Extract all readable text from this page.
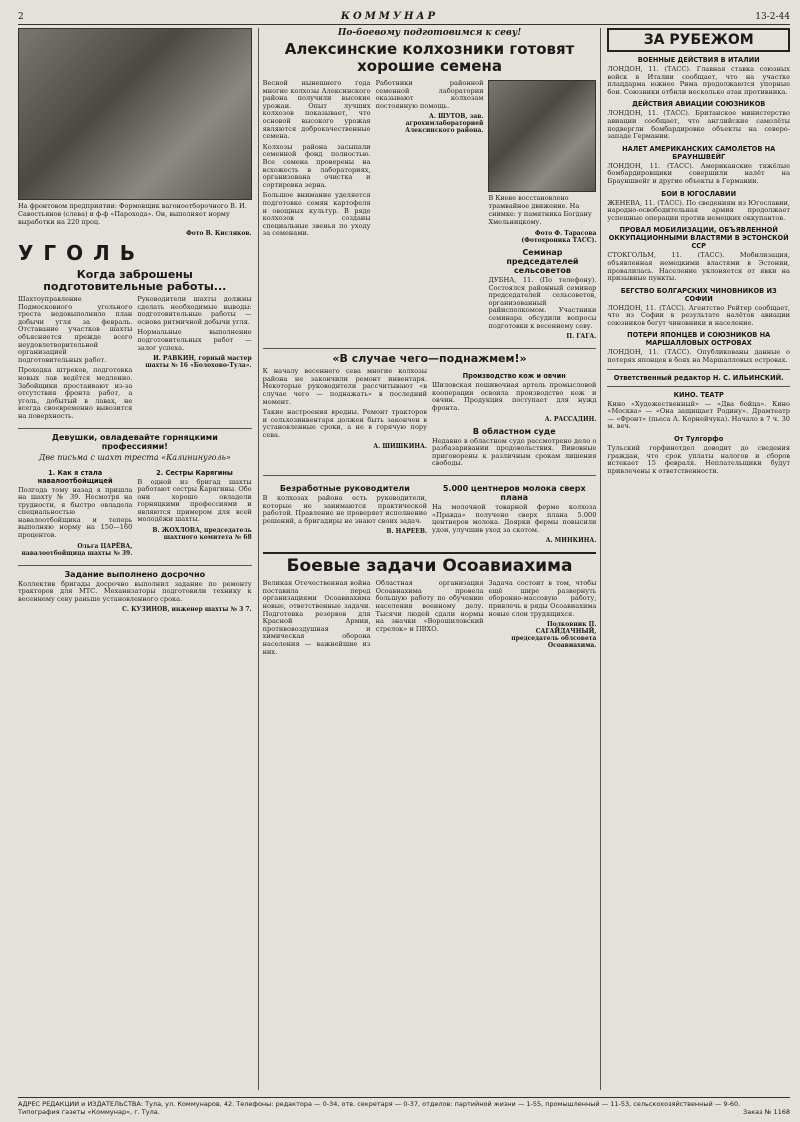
2	КОММУНАР	13-2-44

На фронтовом предприятии: Формовщик вагоноотборочного В. И. Савостьянов (слева) и ф-ф «Парохода». Он, выполняет норму выработки на 220 проц.

Фото В. Кисляков.

УГОЛЬ
Когда заброшены подготовительные работы...

Шахтоуправление Подмосковного угольного треста недовыполнило план добычи угля за февраль. Отставание участков шахты объясняется прежде всего неудовлетворительной организацией подготовительных работ.

Проходка штреков, подготовка новых лав ведётся медленно. Забойщики простаивают из-за отсутствия фронта работ, а уголь, добытый в лавах, не всегда своевременно вывозится на поверхность.

Руководители шахты должны сделать необходимые выводы: подготовительные работы — основа ритмичной добычи угля.

Нормальные выполнение подготовительных работ — залог успеха.

И. РАВКИН, горный мастер шахты № 16 «Болохово-Тула».

Девушки, овладевайте горняцкими профессиями!
Две письма с шахт треста «Калининуголь»
1. Как я стала навалоотбойщицей

Полгода тому назад я пришла на шахту № 39. Несмотря на трудности, я быстро овладела специальностью навалоотбойщика и теперь выполняю норму на 150—160 процентов.

Ольга ЦАРЁВА, навалоотбойщица шахты № 39.

2. Сестры Карягины

В одной из бригад шахты работают сестры Карягины. Обе они хорошо овладели горняцкими профессиями и являются примером для всей молодёжи шахты.

В. ЖОХЛОВА, председатель шахтного комитета № 68

Задание выполнено досрочно

Коллектив бригады досрочно выполнил задание по ремонту тракторов для МТС. Механизаторы подготовили технику к весеннему севу раньше установленного срока.

С. КУЗИНОВ, инженер шахты № 3 7.

По-боевому подготовимся к севу!
Алексинские колхозники готовят хорошие семена

Весной нынешнего года многие колхозы Алексинского района получили высокие урожаи. Опыт лучших колхозов показывает, что основой высокого урожая являются доброкачественные семена.

Колхозы района засыпали семенной фонд полностью. Все семена проверены на всхожесть в лабораториях, организована очистка и сортировка зерна.

Большое внимание уделяется подготовке семян картофеля и овощных культур. В ряде колхозов созданы специальные звенья по уходу за семенами.

Работники районной семенной лаборатории оказывают колхозам постоянную помощь.

А. ШУТОВ, зав. агрохимлабораторией Алексинского района.

В Киеве восстановлено трамвайное движение. На снимке: у памятника Богдану Хмельницкому.

Фото Ф. Тарасова (Фотохроника ТАСС).

Семинар председателей сельсоветов

ДУБНА, 11. (По телефону). Состоялся районный семинар председателей сельсоветов, организованный райисполкомом. Участники семинара обсудили вопросы подготовки к весеннему севу.

П. ГАГА.

«В случае чего—поднажмем!»

К началу весеннего сева многие колхозы района не закончили ремонт инвентаря. Некоторые руководители рассчитывают «в случае чего — поднажать» в последний момент.

Такие настроения вредны. Ремонт тракторов и сельхозинвентаря должен быть закончен в установленные сроки, а не в горячую пору сева.

А. ШИШКИНА.

Производство кож и овчин

Шиловская пошивочная артель промысловой кооперации освоила производство кож и овчин. Продукция поступает для нужд фронта.

А. РАССАДИН.

В областном суде

Недавно в областном суде рассмотрено дело о разбазаривании продовольствия. Виновные приговорены к различным срокам лишения свободы.

Безработные руководители

В колхозах района есть руководители, которые не занимаются практической работой. Правление не проверяет исполнение решений, а бригадиры не знают своих задач.

В. НАРЕЕВ.

5.000 центнеров молока сверх плана

На молочной товарной ферме колхоза «Правда» получено сверх плана 5.000 центнеров молока. Доярки фермы повысили удои, улучшив уход за скотом.

А. МИНКИНА.

Боевые задачи Осоавиахима

Великая Отечественная война поставила перед организациями Осоавиахима новые, ответственные задачи. Подготовка резервов для Красной Армии, противовоздушная и химическая оборона населения — важнейшие из них.

Областная организация Осоавиахима провела большую работу по обучению населения военному делу. Тысячи людей сдали нормы на значки «Ворошиловский стрелок» и ПВХО.

Задача состоит в том, чтобы ещё шире развернуть оборонно-массовую работу, привлечь в ряды Осоавиахима новые слои трудящихся.

Полковник П. САГАЙДАЧНЫЙ, председатель облсовета Осоавиахима.

ЗА РУБЕЖОМ
ВОЕННЫЕ ДЕЙСТВИЯ В ИТАЛИИ

ЛОНДОН, 11. (ТАСС). Главная ставка союзных войск в Италии сообщает, что на участке плацдарма южнее Рима продолжаются упорные бои. Союзники отбили несколько атак противника.

ДЕЙСТВИЯ АВИАЦИИ СОЮЗНИКОВ

ЛОНДОН, 11. (ТАСС). Британское министерство авиации сообщает, что английские самолёты подвергли бомбардировке объекты на северо-западе Германии.

НАЛЕТ АМЕРИКАНСКИХ САМОЛЕТОВ НА БРАУНШВЕЙГ

ЛОНДОН, 11. (ТАСС). Американские тяжёлые бомбардировщики совершили налёт на Брауншвейг и другие объекты в Германии.

БОИ В ЮГОСЛАВИИ

ЖЕНЕВА, 11. (ТАСС). По сведениям из Югославии, народно-освободительная армия продолжает успешные операции против немецких оккупантов.

ПРОВАЛ МОБИЛИЗАЦИИ, ОБЪЯВЛЕННОЙ ОККУПАЦИОННЫМИ ВЛАСТЯМИ В ЭСТОНСКОЙ ССР

СТОКГОЛЬМ, 11. (ТАСС). Мобилизация, объявленная немецкими властями в Эстонии, провалилась. Население уклоняется от явки на призывные пункты.

БЕГСТВО БОЛГАРСКИХ ЧИНОВНИКОВ ИЗ СОФИИ

ЛОНДОН, 11. (ТАСС). Агентство Рейтер сообщает, что из Софии в результате налётов авиации союзников бегут чиновники и население.

ПОТЕРИ ЯПОНЦЕВ И СОЮЗНИКОВ НА МАРШАЛЛОВЫХ ОСТРОВАХ

ЛОНДОН, 11. (ТАСС). Опубликованы данные о потерях японцев в боях на Маршалловых островах.

Ответственный редактор Н. С. ИЛЬИНСКИЙ.

КИНО. ТЕАТР

Кино «Художественный» — «Два бойца». Кино «Москва» — «Она защищает Родину». Драмтеатр — «Фронт» (пьеса А. Корнейчука). Начало в 7 ч. 30 м. веч.

От Тулгорфо

Тульский горфинотдел доводит до сведения граждан, что срок уплаты налогов и сборов истекает 15 февраля. Неплательщики будут привлечены к ответственности.

АДРЕС РЕДАКЦИИ и ИЗДАТЕЛЬСТВА: Тула, ул. Коммунаров, 42. Телефоны: редактора — 0-34, отв. секретаря — 0-37, отделов: партийной жизни — 1-55, промышленный — 11-53, сельскохозяйственный — 9-60.
Типография газеты «Коммунар», г. Тула.	Заказ № 1168
